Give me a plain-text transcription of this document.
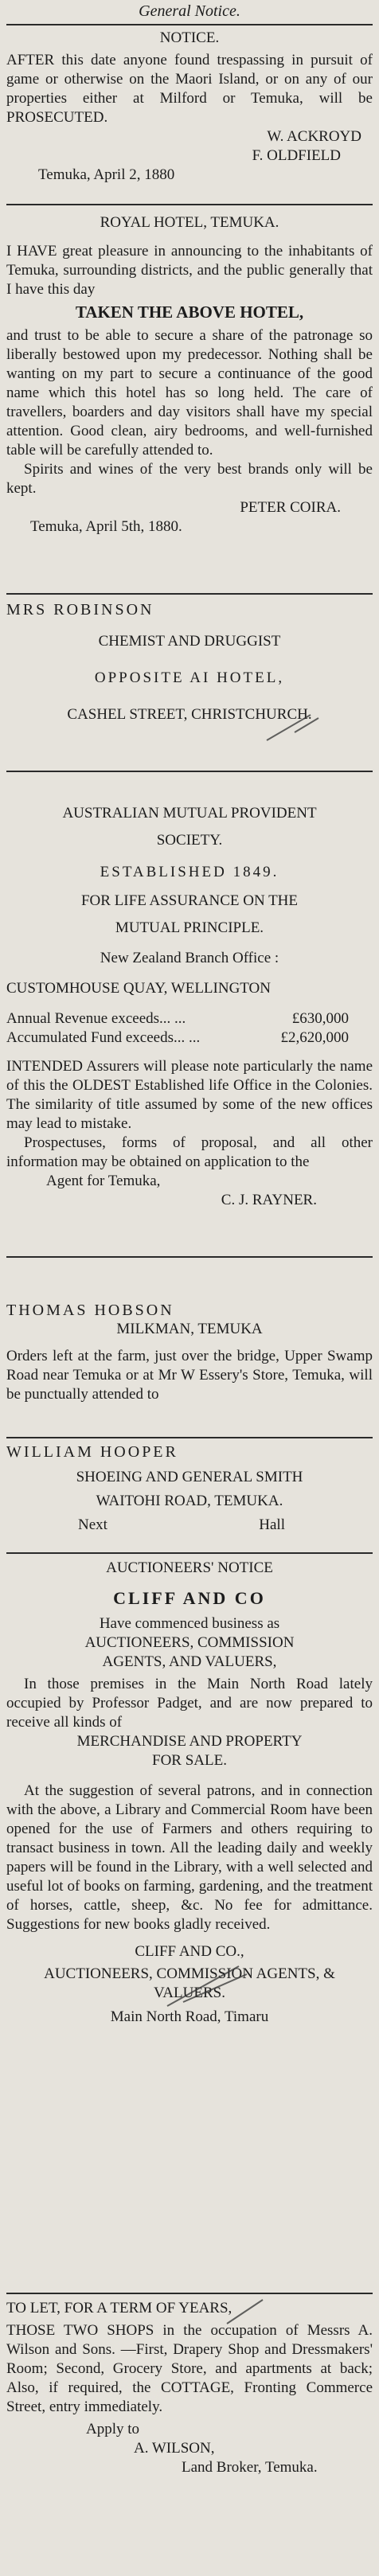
General Notice.

NOTICE.

AFTER this date anyone found trespassing in pursuit of game or otherwise on the Maori Island, or on any of our properties either at Milford or Temuka, will be PROSECUTED.

W. ACKROYD

F. OLDFIELD

Temuka, April 2, 1880

ROYAL HOTEL, TEMUKA.

I HAVE great pleasure in announcing to the inhabitants of Temuka, surrounding districts, and the public generally that I have this day

TAKEN THE ABOVE HOTEL,

and trust to be able to secure a share of the patronage so liberally bestowed upon my predecessor. Nothing shall be wanting on my part to secure a continuance of the good name which this hotel has so long held. The care of travellers, boarders and day visitors shall have my special attention. Good clean, airy bedrooms, and well-furnished table will be carefully attended to.

Spirits and wines of the very best brands only will be kept.

PETER COIRA.

Temuka, April 5th, 1880.

MRS ROBINSON

CHEMIST AND DRUGGIST

OPPOSITE AI HOTEL,

CASHEL STREET, CHRISTCHURCH.

AUSTRALIAN MUTUAL PROVIDENT

SOCIETY.

ESTABLISHED 1849.

FOR LIFE ASSURANCE ON THE

MUTUAL PRINCIPLE.

New Zealand Branch Office :

CUSTOMHOUSE QUAY, WELLINGTON

Annual Revenue exceeds... ...	£630,000
Accumulated Fund exceeds... ...	£2,620,000

INTENDED Assurers will please note particularly the name of this the OLDEST Established life Office in the Colonies. The similarity of title assumed by some of the new offices may lead to mistake.

Prospectuses, forms of proposal, and all other information may be obtained on application to the

Agent for Temuka,

C. J. RAYNER.

THOMAS HOBSON

MILKMAN, TEMUKA

Orders left at the farm, just over the bridge, Upper Swamp Road near Temuka or at Mr W Essery's Store, Temuka, will be punctually attended to

WILLIAM HOOPER

SHOEING AND GENERAL SMITH

WAITOHI ROAD, TEMUKA.

Next	Hall

AUCTIONEERS' NOTICE

CLIFF AND CO

Have commenced business as

AUCTIONEERS, COMMISSION

AGENTS, AND VALUERS,

In those premises in the Main North Road lately occupied by Professor Padget, and are now prepared to receive all kinds of

MERCHANDISE AND PROPERTY

FOR SALE.

At the suggestion of several patrons, and in connection with the above, a Library and Commercial Room have been opened for the use of Farmers and others requiring to transact business in town. All the leading daily and weekly papers will be found in the Library, with a well selected and useful lot of books on farming, gardening, and the treatment of horses, cattle, sheep, &c. No fee for admittance. Suggestions for new books gladly received.

CLIFF AND CO.,

AUCTIONEERS, COMMISSION AGENTS, & VALUERS.

Main North Road, Timaru

TO LET, FOR A TERM OF YEARS,

THOSE TWO SHOPS in the occupation of Messrs A. Wilson and Sons. —First, Drapery Shop and Dressmakers' Room; Second, Grocery Store, and apartments at back; Also, if required, the COTTAGE, Fronting Commerce Street, entry immediately.

Apply to

A. WILSON,

Land Broker, Temuka.
